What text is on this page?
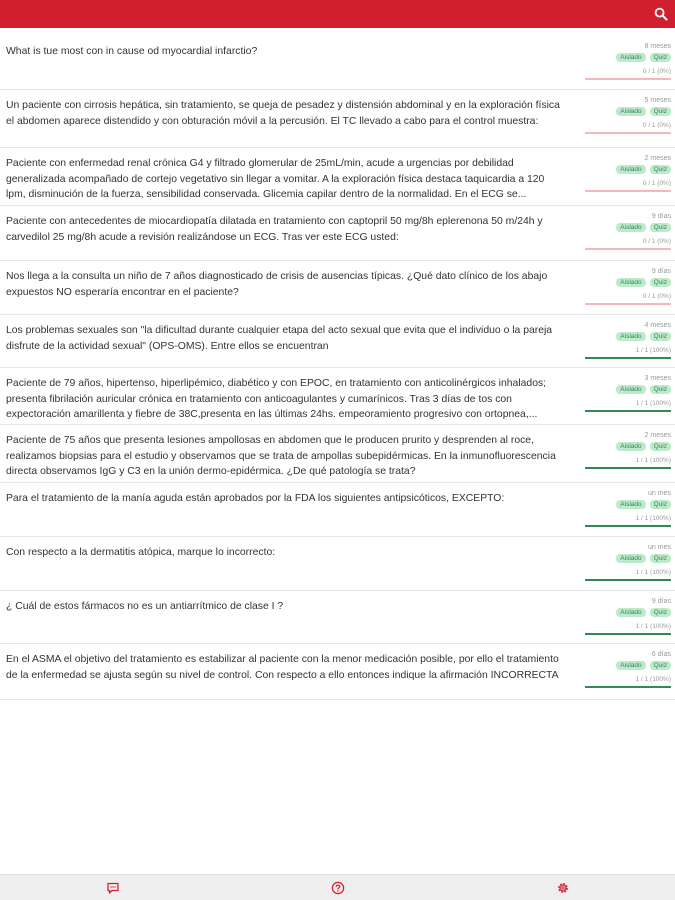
What is tue most con in cause od myocardial infarctio?	8 meses
Aislado	Quiz
0 / 1 (0%)
Un paciente con cirrosis hepática, sin tratamiento, se queja de pesadez y distensión abdominal y en la exploración física el abdomen aparece distendido y con obturación móvil a la percusión. El TC llevado a cabo para el control muestra:
5 meses
Aislado	Quiz
0 / 1 (0%)
Paciente con enfermedad renal crónica G4 y filtrado glomerular de 25mL/min, acude a urgencias por debilidad generalizada acompañado de cortejo vegetativo sin llegar a vomitar. A la exploración física destaca taquicardia a 120 lpm, disminución de la fuerza, sensibilidad conservada. Glicemia capilar dentro de la normalidad. En el ECG se...
2 meses
Aislado	Quiz
0 / 1 (0%)
Paciente con antecedentes de miocardiopatía dilatada en tratamiento con captopril 50 mg/8h eplerenona 50 m/24h y carvedilol 25 mg/8h acude a revisión realizándose un ECG. Tras ver este ECG usted:
9 días
Aislado	Quiz
0 / 1 (0%)
Nos llega a la consulta un niño de 7 años diagnosticado de crisis de ausencias típicas. ¿Qué dato clínico de los abajo expuestos NO esperaría encontrar en el paciente?
9 días
Aislado	Quiz
0 / 1 (0%)
Los problemas sexuales son "la dificultad durante cualquier etapa del acto sexual que evita que el individuo o la pareja disfrute de la actividad sexual" (OPS-OMS). Entre ellos se encuentran
4 meses
Aislado	Quiz
1 / 1 (100%)
Paciente de 79 años, hipertenso, hiperlipémico, diabético y con EPOC, en tratamiento con anticolinérgicos inhalados; presenta fibrilación auricular crónica en tratamiento con anticoagulantes y cumarínicos. Tras 3 días de tos con expectoración amarillenta y fiebre de 38C,presenta en las últimas 24hs. empeoramiento progresivo con ortopnea,...
3 meses
Aislado	Quiz
1 / 1 (100%)
Paciente de 75 años que presenta lesiones ampollosas en abdomen que le producen prurito y desprenden al roce, realizamos biopsias para el estudio y observamos que se trata de ampollas subepidérmicas. En la inmunofluorescencia directa observamos IgG y C3 en la unión dermo-epidérmica. ¿De qué patología se trata?
2 meses
Aislado	Quiz
1 / 1 (100%)
Para el tratamiento de la manía aguda están aprobados por la FDA los siguientes antipsicóticos, EXCEPTO:	un mes
Aislado	Quiz
1 / 1 (100%)
Con respecto a la dermatitis atópica, marque lo incorrecto:	un mes
Aislado	Quiz
1 / 1 (100%)
¿ Cuál de estos fármacos no es un antiarrítmico de clase I ?	9 días
Aislado	Quiz
1 / 1 (100%)
En el ASMA el objetivo del tratamiento es estabilizar al paciente con la menor medicación posible, por ello el tratamiento de la enfermedad se ajusta según su nivel de control. Con respecto a ello entonces indique la afirmación INCORRECTA
6 días
Aislado	Quiz
1 / 1 (100%)
